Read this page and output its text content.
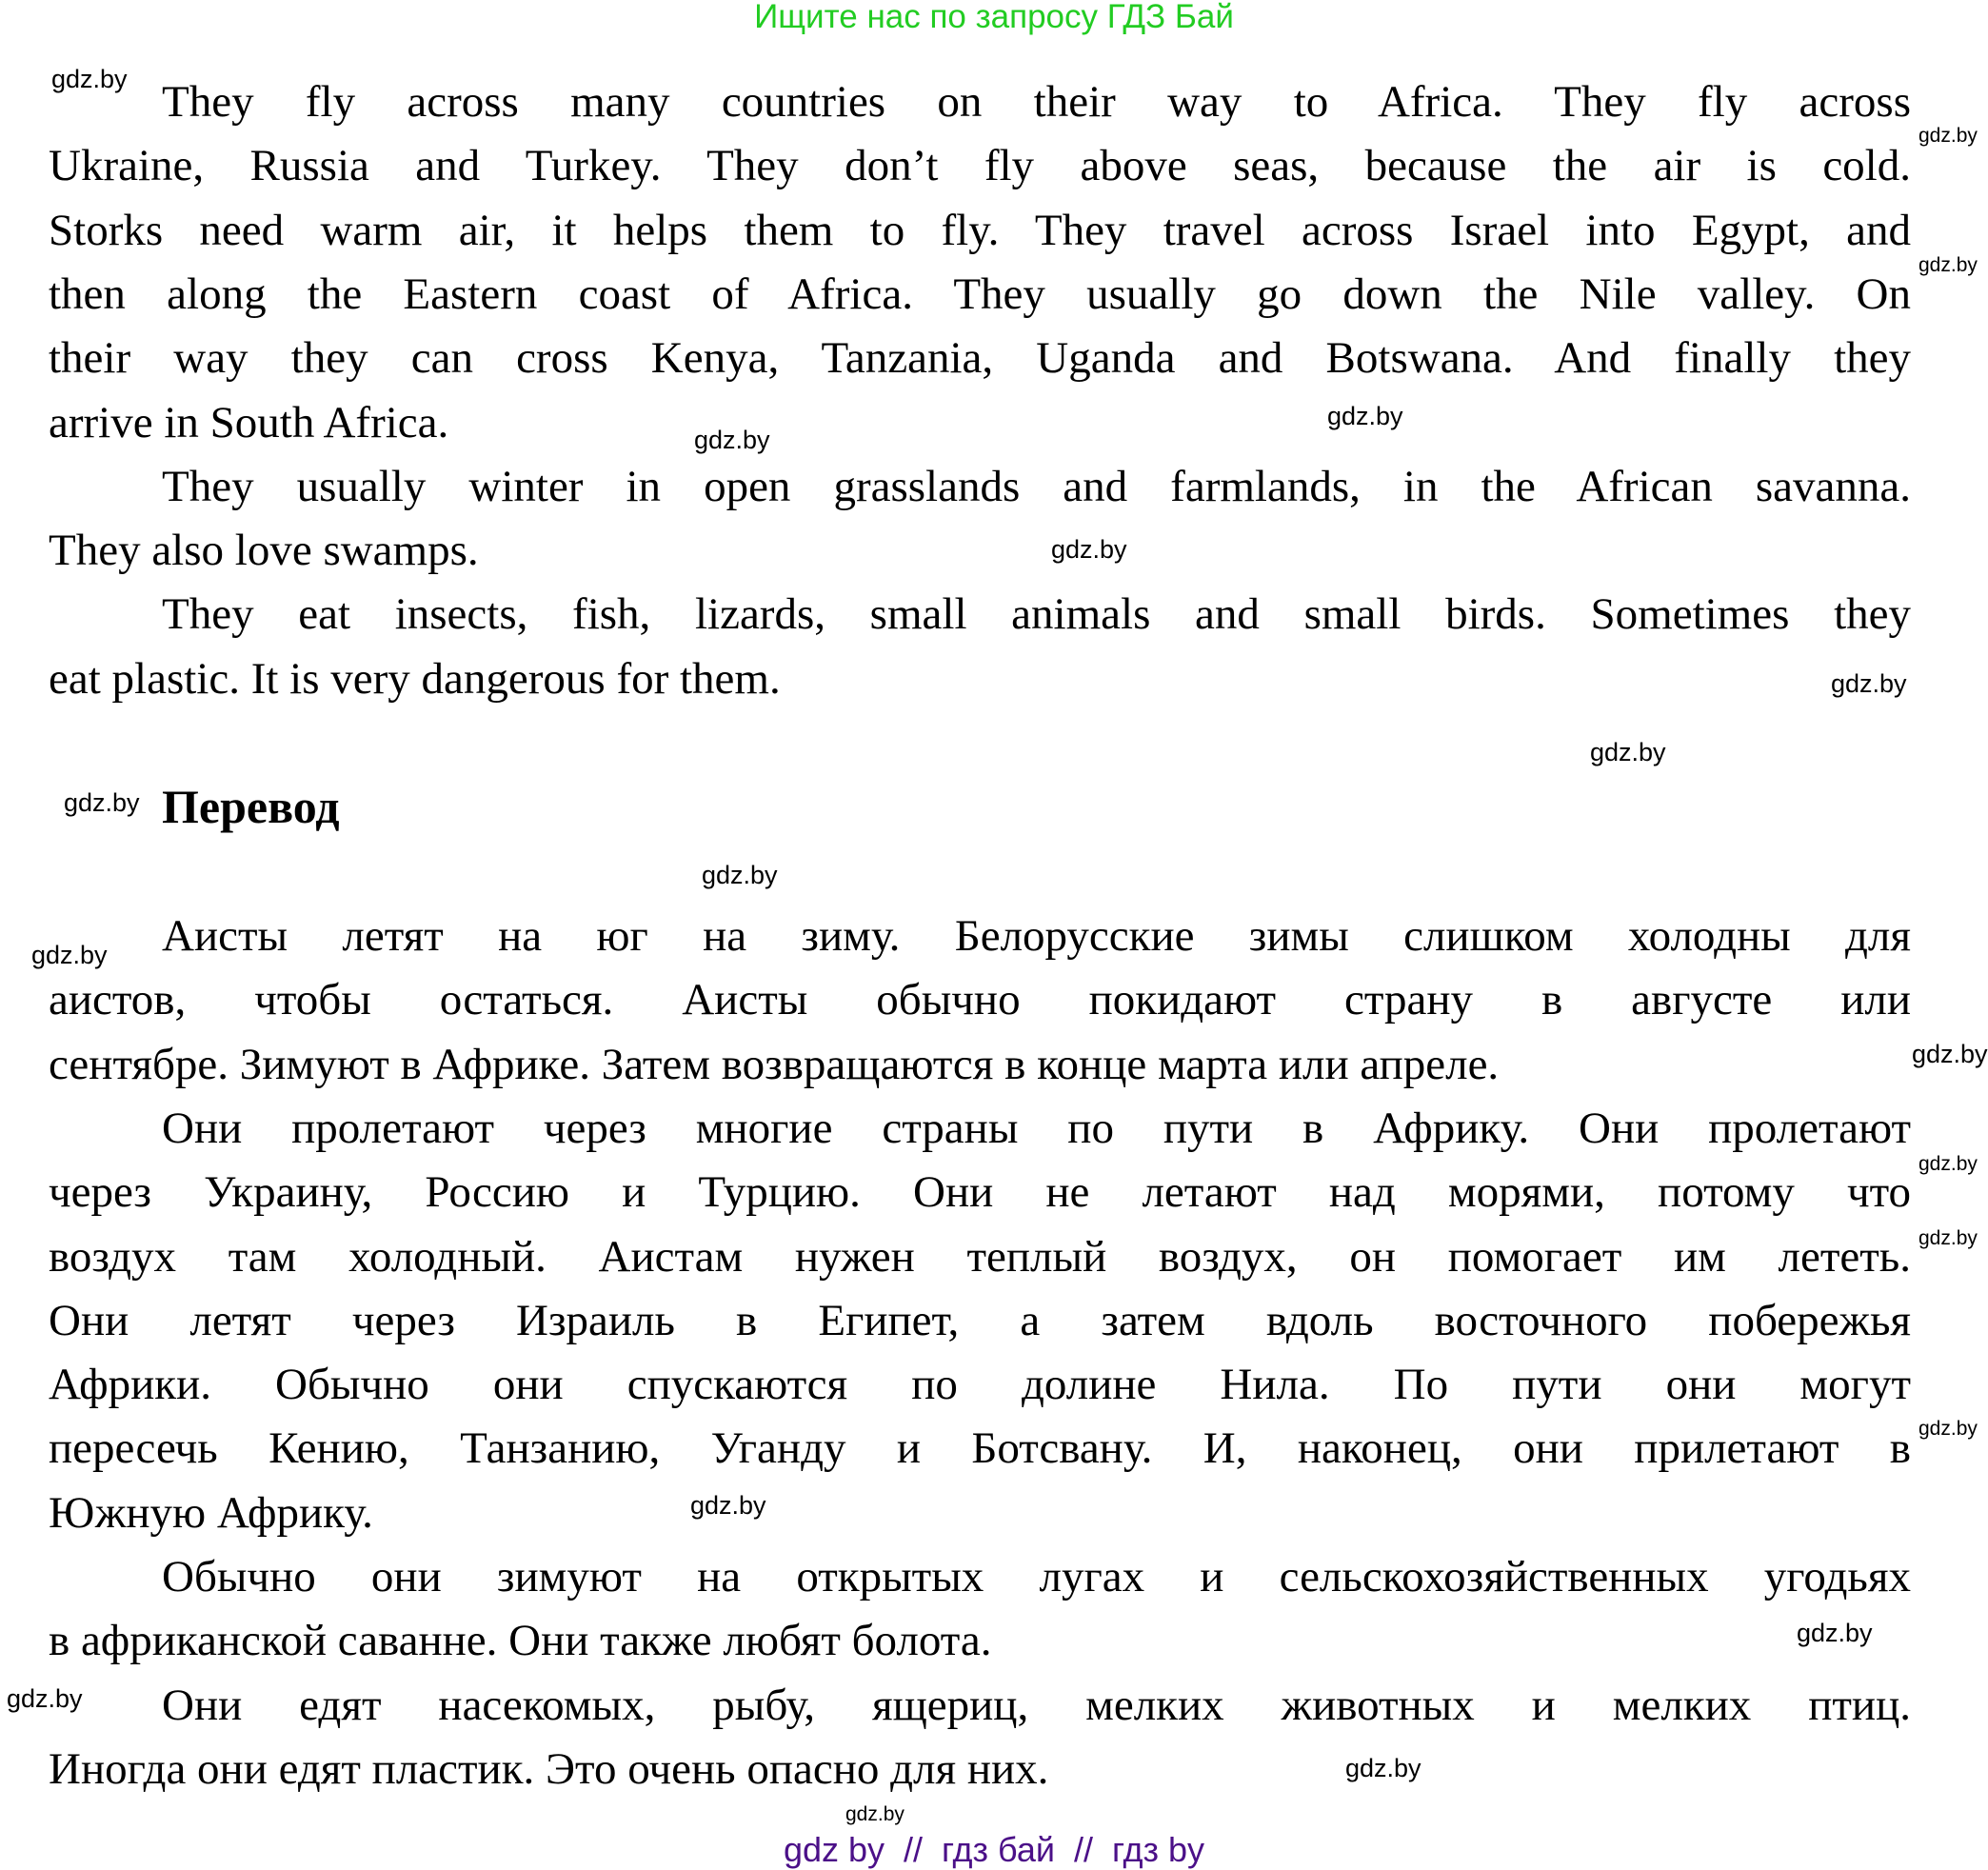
Ищите нас по запросу ГДЗ Бай
They fly across many countries on their way to Africa. They fly across
Ukraine, Russia and Turkey. They don’t fly above seas, because the air is cold.
Storks need warm air, it helps them to fly. They travel across Israel into Egypt, and
then along the Eastern coast of Africa. They usually go down the Nile valley. On
their way they can cross Kenya, Tanzania, Uganda and Botswana. And finally they
arrive in South Africa.
They usually winter in open grasslands and farmlands, in the African savanna.
They also love swamps.
They eat insects, fish, lizards, small animals and small birds. Sometimes they
eat plastic. It is very dangerous for them.
Перевод
Аисты летят на юг на зиму. Белорусские зимы слишком холодны для
аистов, чтобы остаться. Аисты обычно покидают страну в августе или
сентябре. Зимуют в Африке. Затем возвращаются в конце марта или апреле.
Они пролетают через многие страны по пути в Африку. Они пролетают
через Украину, Россию и Турцию. Они не летают над морями, потому что
воздух там холодный. Аистам нужен теплый воздух, он помогает им лететь.
Они летят через Израиль в Египет, а затем вдоль восточного побережья
Африки. Обычно они спускаются по долине Нила. По пути они могут
пересечь Кению, Танзанию, Уганду и Ботсвану. И, наконец, они прилетают в
Южную Африку.
Обычно они зимуют на открытых лугах и сельскохозяйственных угодьях
в африканской саванне. Они также любят болота.
Они едят насекомых, рыбу, ящериц, мелких животных и мелких птиц.
Иногда они едят пластик. Это очень опасно для них.
gdz.by
gdz.by
gdz.by
gdz.by
gdz.by
gdz.by
gdz.by
gdz.by
gdz.by
gdz.by
gdz.by
gdz.by
gdz.by
gdz.by
gdz.by
gdz.by
gdz.by
gdz.by
gdz.by
gdz.by
gdz by  //  гдз бай  //  гдз by
